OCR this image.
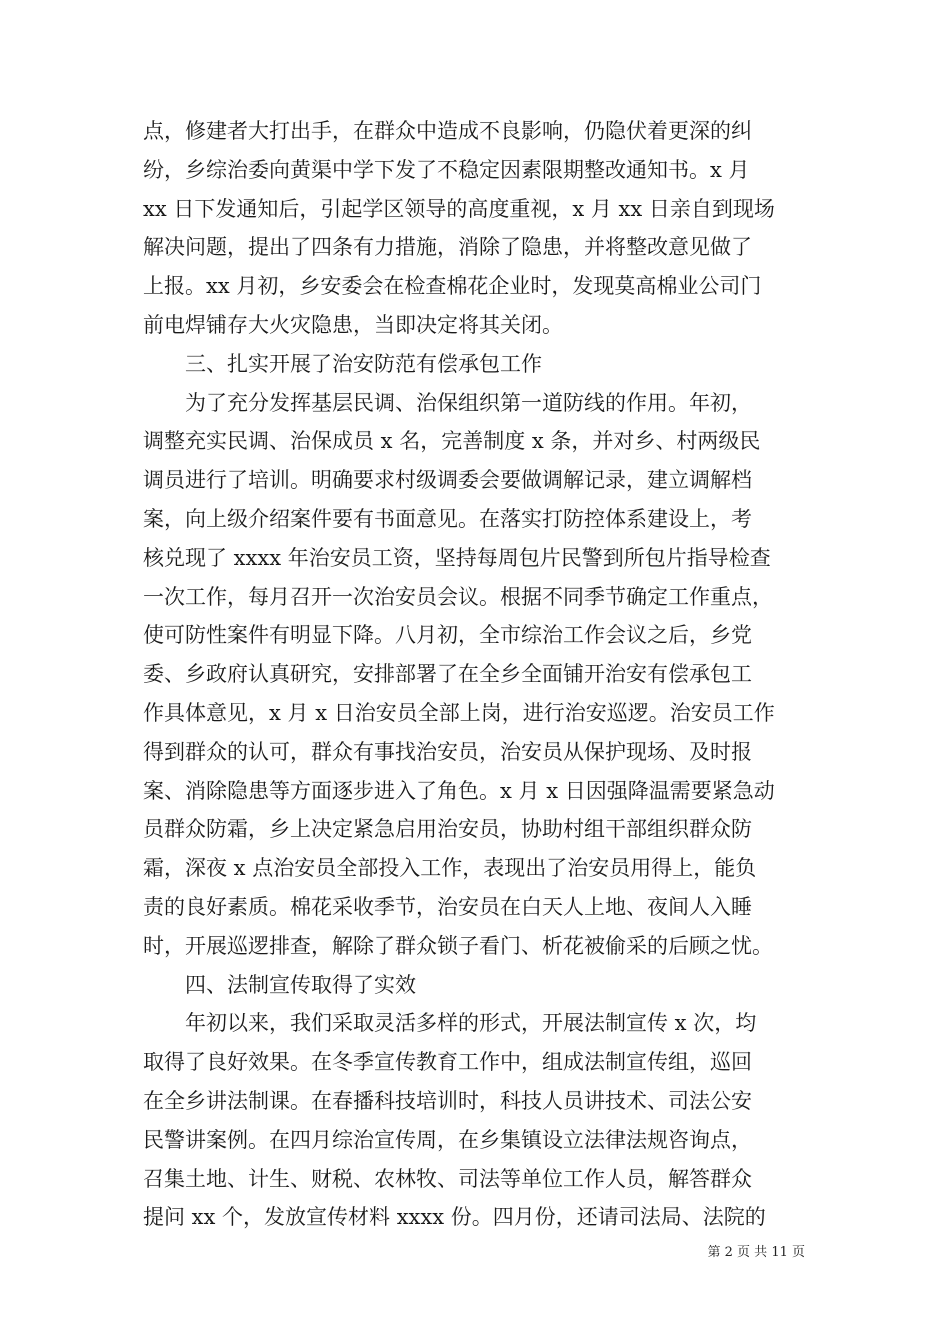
点，修建者大打出手，在群众中造成不良影响，仍隐伏着更深的纠
纷，乡综治委向黄渠中学下发了不稳定因素限期整改通知书。x 月
xx 日下发通知后，引起学区领导的高度重视，x 月 xx 日亲自到现场
解决问题，提出了四条有力措施，消除了隐患，并将整改意见做了
上报。xx 月初，乡安委会在检查棉花企业时，发现莫高棉业公司门
前电焊铺存大火灾隐患，当即决定将其关闭。
三、扎实开展了治安防范有偿承包工作
为了充分发挥基层民调、治保组织第一道防线的作用。年初，
调整充实民调、治保成员 x 名，完善制度 x 条，并对乡、村两级民
调员进行了培训。明确要求村级调委会要做调解记录，建立调解档
案，向上级介绍案件要有书面意见。在落实打防控体系建设上，考
核兑现了 xxxx 年治安员工资，坚持每周包片民警到所包片指导检查
一次工作，每月召开一次治安员会议。根据不同季节确定工作重点，
使可防性案件有明显下降。八月初，全市综治工作会议之后，乡党
委、乡政府认真研究，安排部署了在全乡全面铺开治安有偿承包工
作具体意见，x 月 x 日治安员全部上岗，进行治安巡逻。治安员工作
得到群众的认可，群众有事找治安员，治安员从保护现场、及时报
案、消除隐患等方面逐步进入了角色。x 月 x 日因强降温需要紧急动
员群众防霜，乡上决定紧急启用治安员，协助村组干部组织群众防
霜，深夜 x 点治安员全部投入工作，表现出了治安员用得上，能负
责的良好素质。棉花采收季节，治安员在白天人上地、夜间人入睡
时，开展巡逻排查，解除了群众锁子看门、析花被偷采的后顾之忧。
四、法制宣传取得了实效
年初以来，我们采取灵活多样的形式，开展法制宣传 x 次，均
取得了良好效果。在冬季宣传教育工作中，组成法制宣传组，巡回
在全乡讲法制课。在春播科技培训时，科技人员讲技术、司法公安
民警讲案例。在四月综治宣传周，在乡集镇设立法律法规咨询点，
召集土地、计生、财税、农林牧、司法等单位工作人员，解答群众
提问 xx 个，发放宣传材料 xxxx 份。四月份，还请司法局、法院的
第 2 页 共 11 页
